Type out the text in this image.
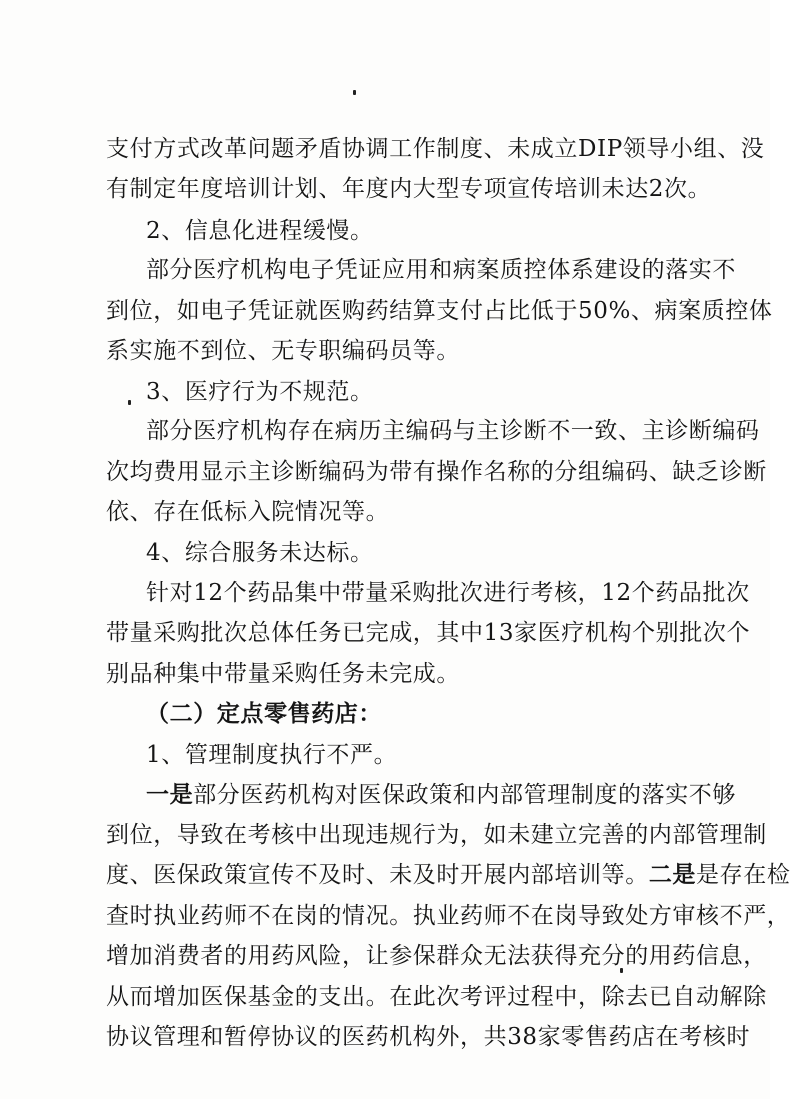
支付方式改革问题矛盾协调工作制度、未成立DIP领导小组、没
有制定年度培训计划、年度内大型专项宣传培训未达2次。
2、信息化进程缓慢。
部分医疗机构电子凭证应用和病案质控体系建设的落实不
到位，如电子凭证就医购药结算支付占比低于50%、病案质控体
系实施不到位、无专职编码员等。
3、医疗行为不规范。
部分医疗机构存在病历主编码与主诊断不一致、主诊断编码
次均费用显示主诊断编码为带有操作名称的分组编码、缺乏诊断
依、存在低标入院情况等。
4、综合服务未达标。
针对12个药品集中带量采购批次进行考核，12个药品批次
带量采购批次总体任务已完成，其中13家医疗机构个别批次个
别品种集中带量采购任务未完成。
（二）定点零售药店：
1、管理制度执行不严。
一是部分医药机构对医保政策和内部管理制度的落实不够
到位，导致在考核中出现违规行为，如未建立完善的内部管理制
度、医保政策宣传不及时、未及时开展内部培训等。二是是存在检
查时执业药师不在岗的情况。执业药师不在岗导致处方审核不严，
增加消费者的用药风险，让参保群众无法获得充分的用药信息，
从而增加医保基金的支出。在此次考评过程中，除去已自动解除
协议管理和暂停协议的医药机构外，共38家零售药店在考核时
